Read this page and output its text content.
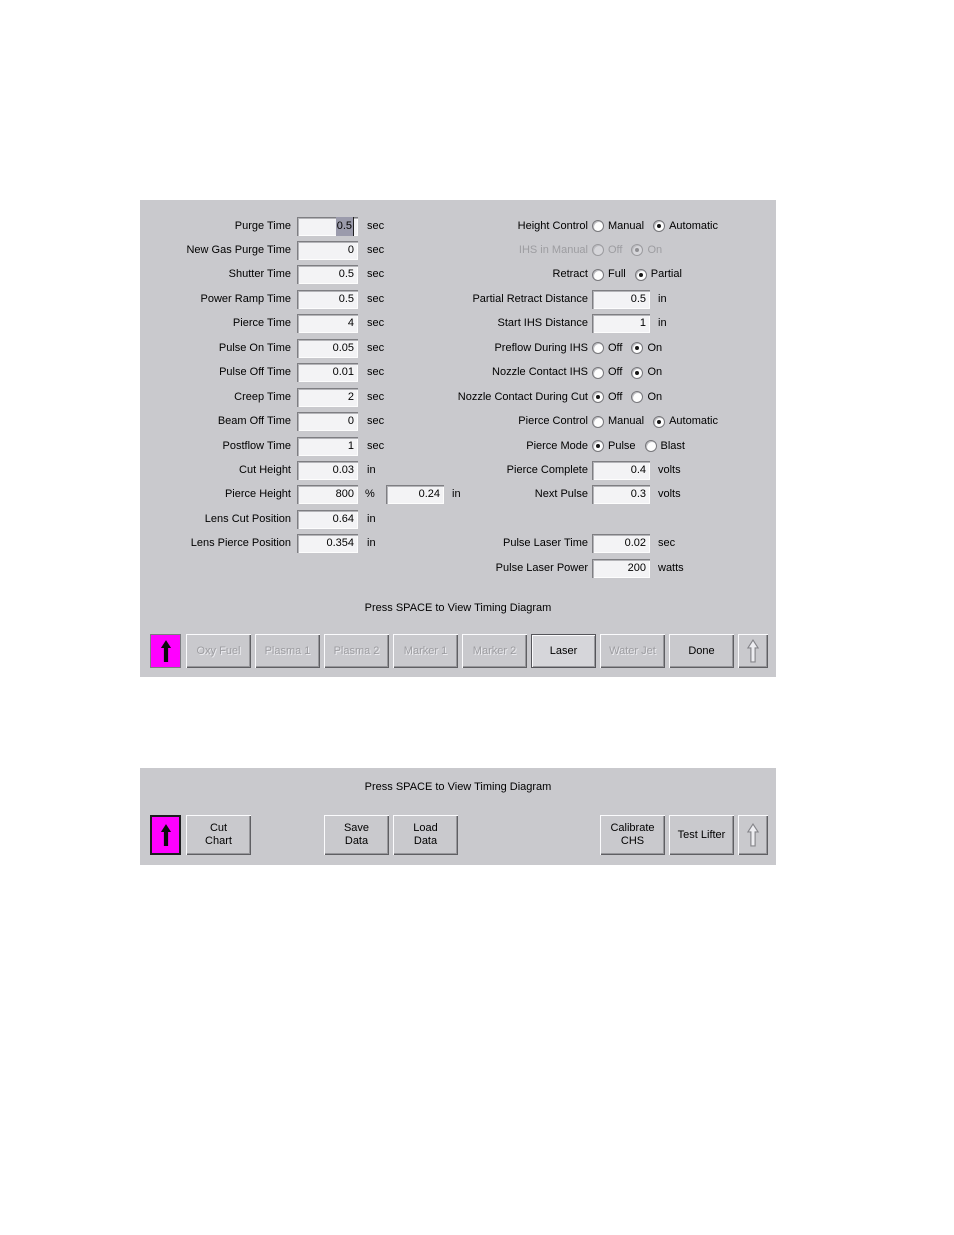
Press SPACE to View Timing Diagram
Oxy Fuel Plasma 1 Plasma 2 Marker 1 Marker 2	Laser	Water Jet	Done
Purge Time	0.5 sec
New Gas Purge Time	0 sec
Shutter Time	0.5 sec
Power Ramp Time	0.5 sec
Pierce Time	4 sec
Pulse On Time	0.05 sec
Pulse Off Time	0.01 sec
Creep Time	2 sec
Beam Off Time	0 sec
Postflow Time	1 sec
Cut Height	0.03 in
Pierce Height	800 %	0.24 in
Lens Cut Position	0.64 in
Lens Pierce Position	0.354 in
Height Control Manual Automatic
IHS in Manual Off On
Retract Full Partial
Partial Retract Distance	0.5 in
Start IHS Distance	1 in
Preflow During IHS Off On
Nozzle Contact IHS Off On
Nozzle Contact During Cut Off On
Pierce Control Manual Automatic
Pierce Mode Pulse Blast
Pierce Complete	0.4 volts
Next Pulse	0.3 volts
Pulse Laser Time	0.02 sec
Pulse Laser Power	200 watts
Press SPACE to View Timing Diagram
Cut
Chart
Save
Data
Load
Data
Calibrate
CHS
Test Lifter
